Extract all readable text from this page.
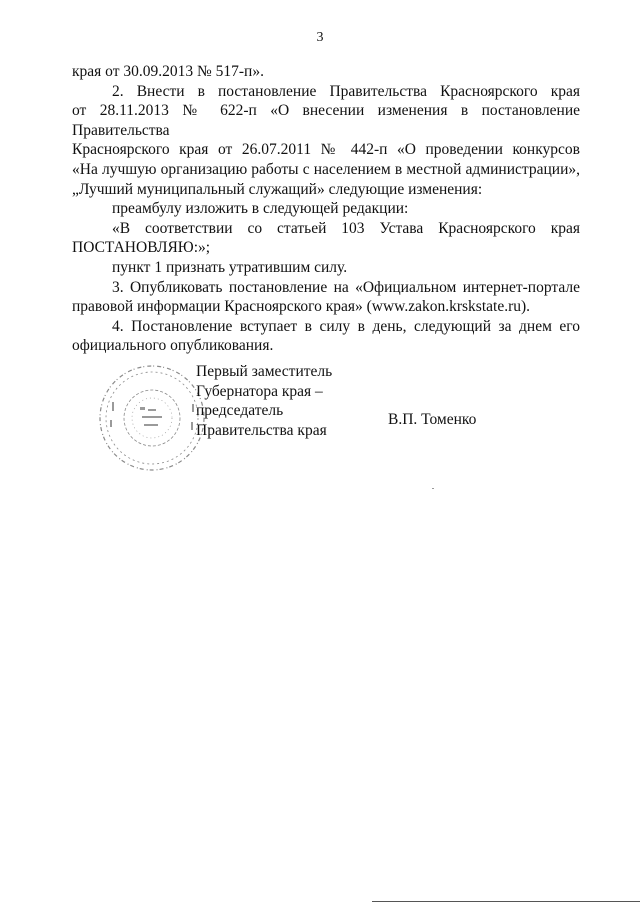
3

края от 30.09.2013 № 517-п».

2. Внести в постановление Правительства Красноярского края

от 28.11.2013 № 622-п «О внесении изменения в постановление Правительства

Красноярского края от 26.07.2011 № 442-п «О проведении конкурсов

«На лучшую организацию работы с населением в местной администрации»,

„Лучший муниципальный служащий» следующие изменения:

преамбулу изложить в следующей редакции:

«В соответствии со статьей 103 Устава Красноярского края

ПОСТАНОВЛЯЮ:»;

пункт 1 признать утратившим силу.

3. Опубликовать постановление на «Официальном интернет-портале

правовой информации Красноярского края» (www.zakon.krskstate.ru).

4. Постановление вступает в силу в день, следующий за днем его

официального опубликования.

Первый заместитель
Губернатора края –
председатель
Правительства края
В.П. Томенко
